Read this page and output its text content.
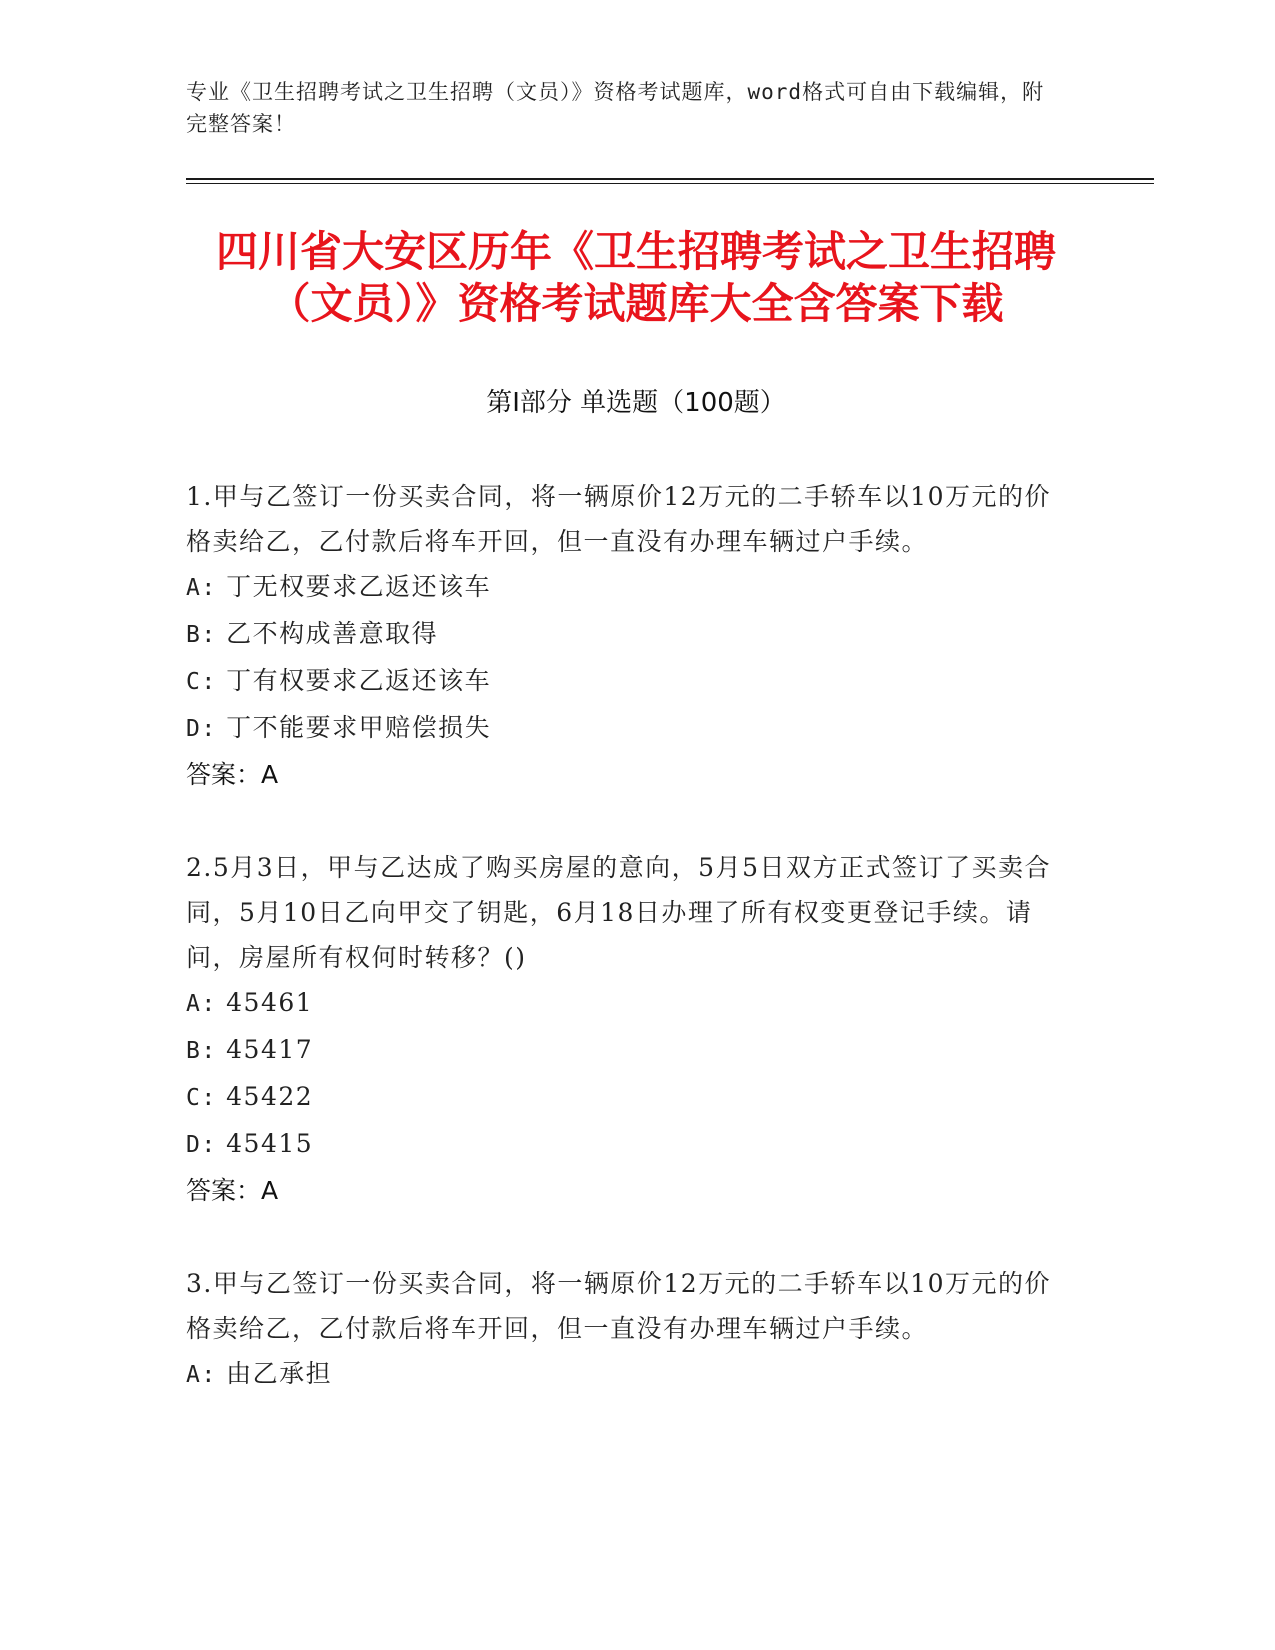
专业《卫生招聘考试之卫生招聘（文员）》资格考试题库，word格式可自由下载编辑，附完整答案！
四川省大安区历年《卫生招聘考试之卫生招聘（文员）》资格考试题库大全含答案下载
第Ⅰ部分 单选题（100题）
1.甲与乙签订一份买卖合同，将一辆原价12万元的二手轿车以10万元的价格卖给乙，乙付款后将车开回，但一直没有办理车辆过户手续。
A: 丁无权要求乙返还该车
B: 乙不构成善意取得
C: 丁有权要求乙返还该车
D: 丁不能要求甲赔偿损失
答案：A
2.5月3日，甲与乙达成了购买房屋的意向，5月5日双方正式签订了买卖合同，5月10日乙向甲交了钥匙，6月18日办理了所有权变更登记手续。请问，房屋所有权何时转移？()
A: 45461
B: 45417
C: 45422
D: 45415
答案：A
3.甲与乙签订一份买卖合同，将一辆原价12万元的二手轿车以10万元的价格卖给乙，乙付款后将车开回，但一直没有办理车辆过户手续。
A: 由乙承担
